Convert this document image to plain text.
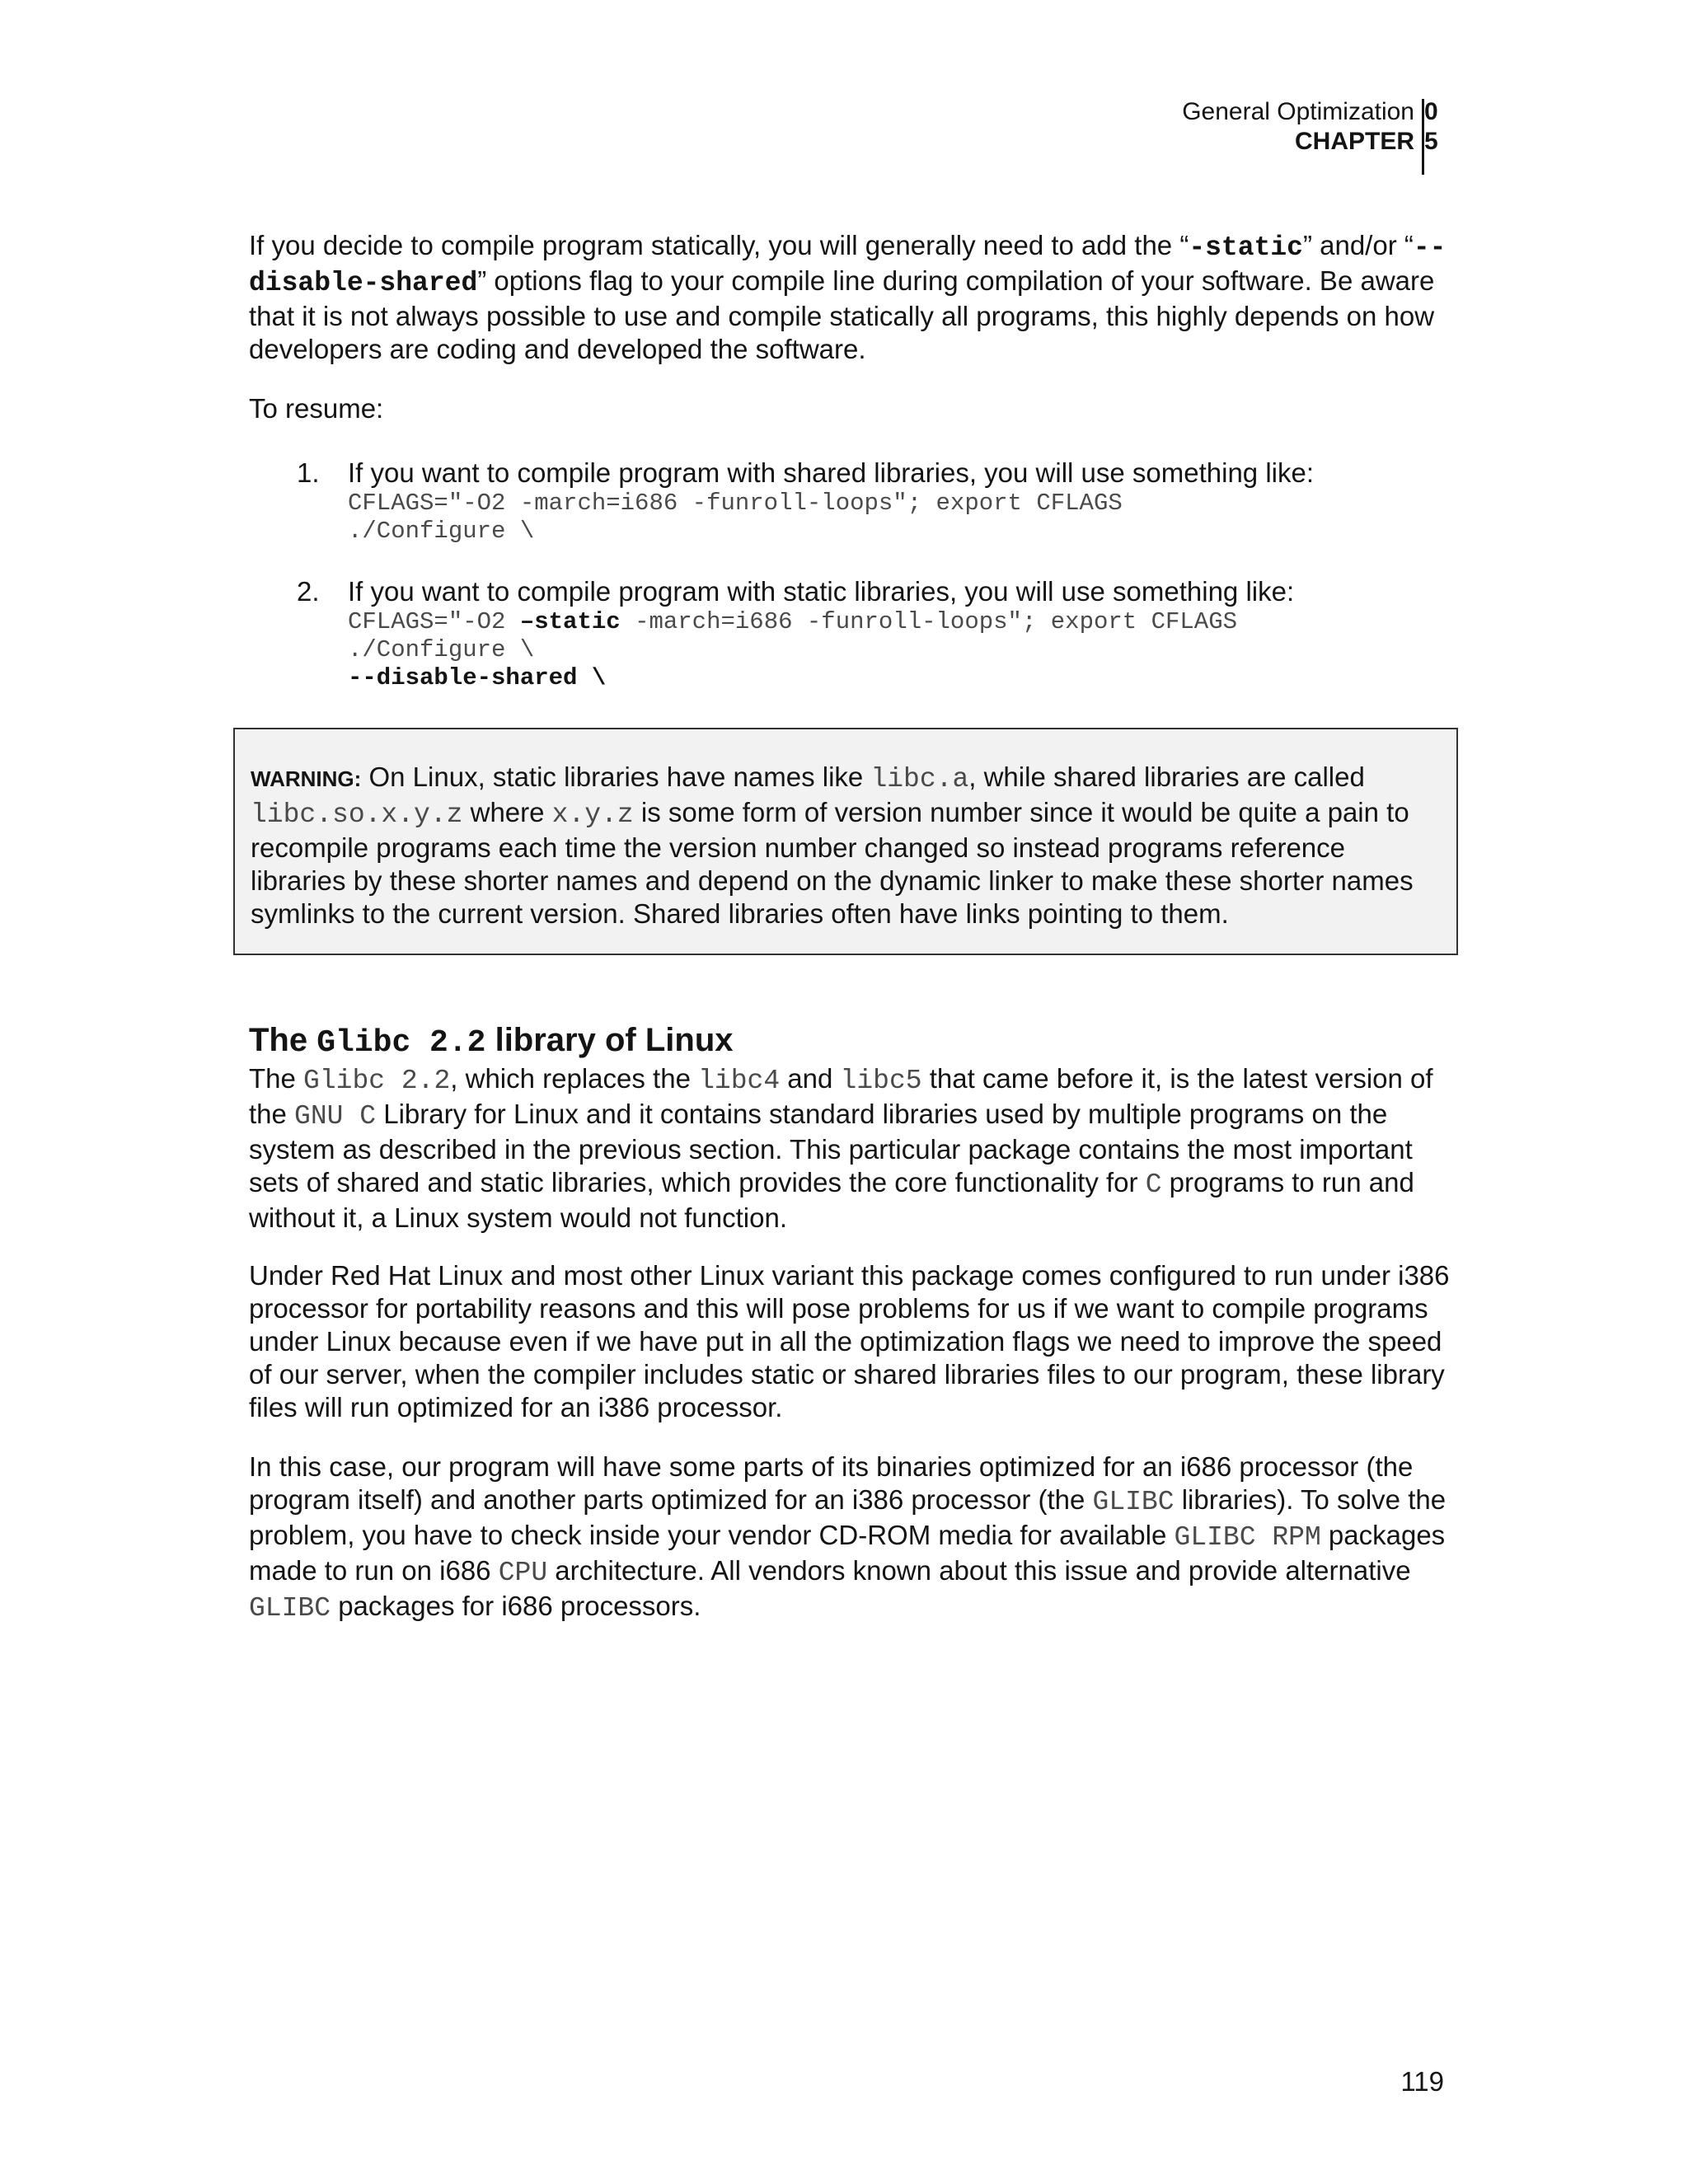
General Optimization 0
CHAPTER 5

If you decide to compile program statically, you will generally need to add the “-static” and/or “--disable-shared” options flag to your compile line during compilation of your software. Be aware that it is not always possible to use and compile statically all programs, this highly depends on how developers are coding and developed the software.

To resume:

1. If you want to compile program with shared libraries, you will use something like:
CFLAGS="-O2 -march=i686 -funroll-loops"; export CFLAGS
./Configure \
2. If you want to compile program with static libraries, you will use something like:
CFLAGS="-O2 –static -march=i686 -funroll-loops"; export CFLAGS
./Configure \
--disable-shared \
WARNING: On Linux, static libraries have names like libc.a, while shared libraries are called libc.so.x.y.z where x.y.z is some form of version number since it would be quite a pain to recompile programs each time the version number changed so instead programs reference libraries by these shorter names and depend on the dynamic linker to make these shorter names symlinks to the current version. Shared libraries often have links pointing to them.
The Glibc 2.2 library of Linux

The Glibc 2.2, which replaces the libc4 and libc5 that came before it, is the latest version of the GNU C Library for Linux and it contains standard libraries used by multiple programs on the system as described in the previous section. This particular package contains the most important sets of shared and static libraries, which provides the core functionality for C programs to run and without it, a Linux system would not function.

Under Red Hat Linux and most other Linux variant this package comes configured to run under i386 processor for portability reasons and this will pose problems for us if we want to compile programs under Linux because even if we have put in all the optimization flags we need to improve the speed of our server, when the compiler includes static or shared libraries files to our program, these library files will run optimized for an i386 processor.

In this case, our program will have some parts of its binaries optimized for an i686 processor (the program itself) and another parts optimized for an i386 processor (the GLIBC libraries). To solve the problem, you have to check inside your vendor CD-ROM media for available GLIBC RPM packages made to run on i686 CPU architecture. All vendors known about this issue and provide alternative GLIBC packages for i686 processors.

119
